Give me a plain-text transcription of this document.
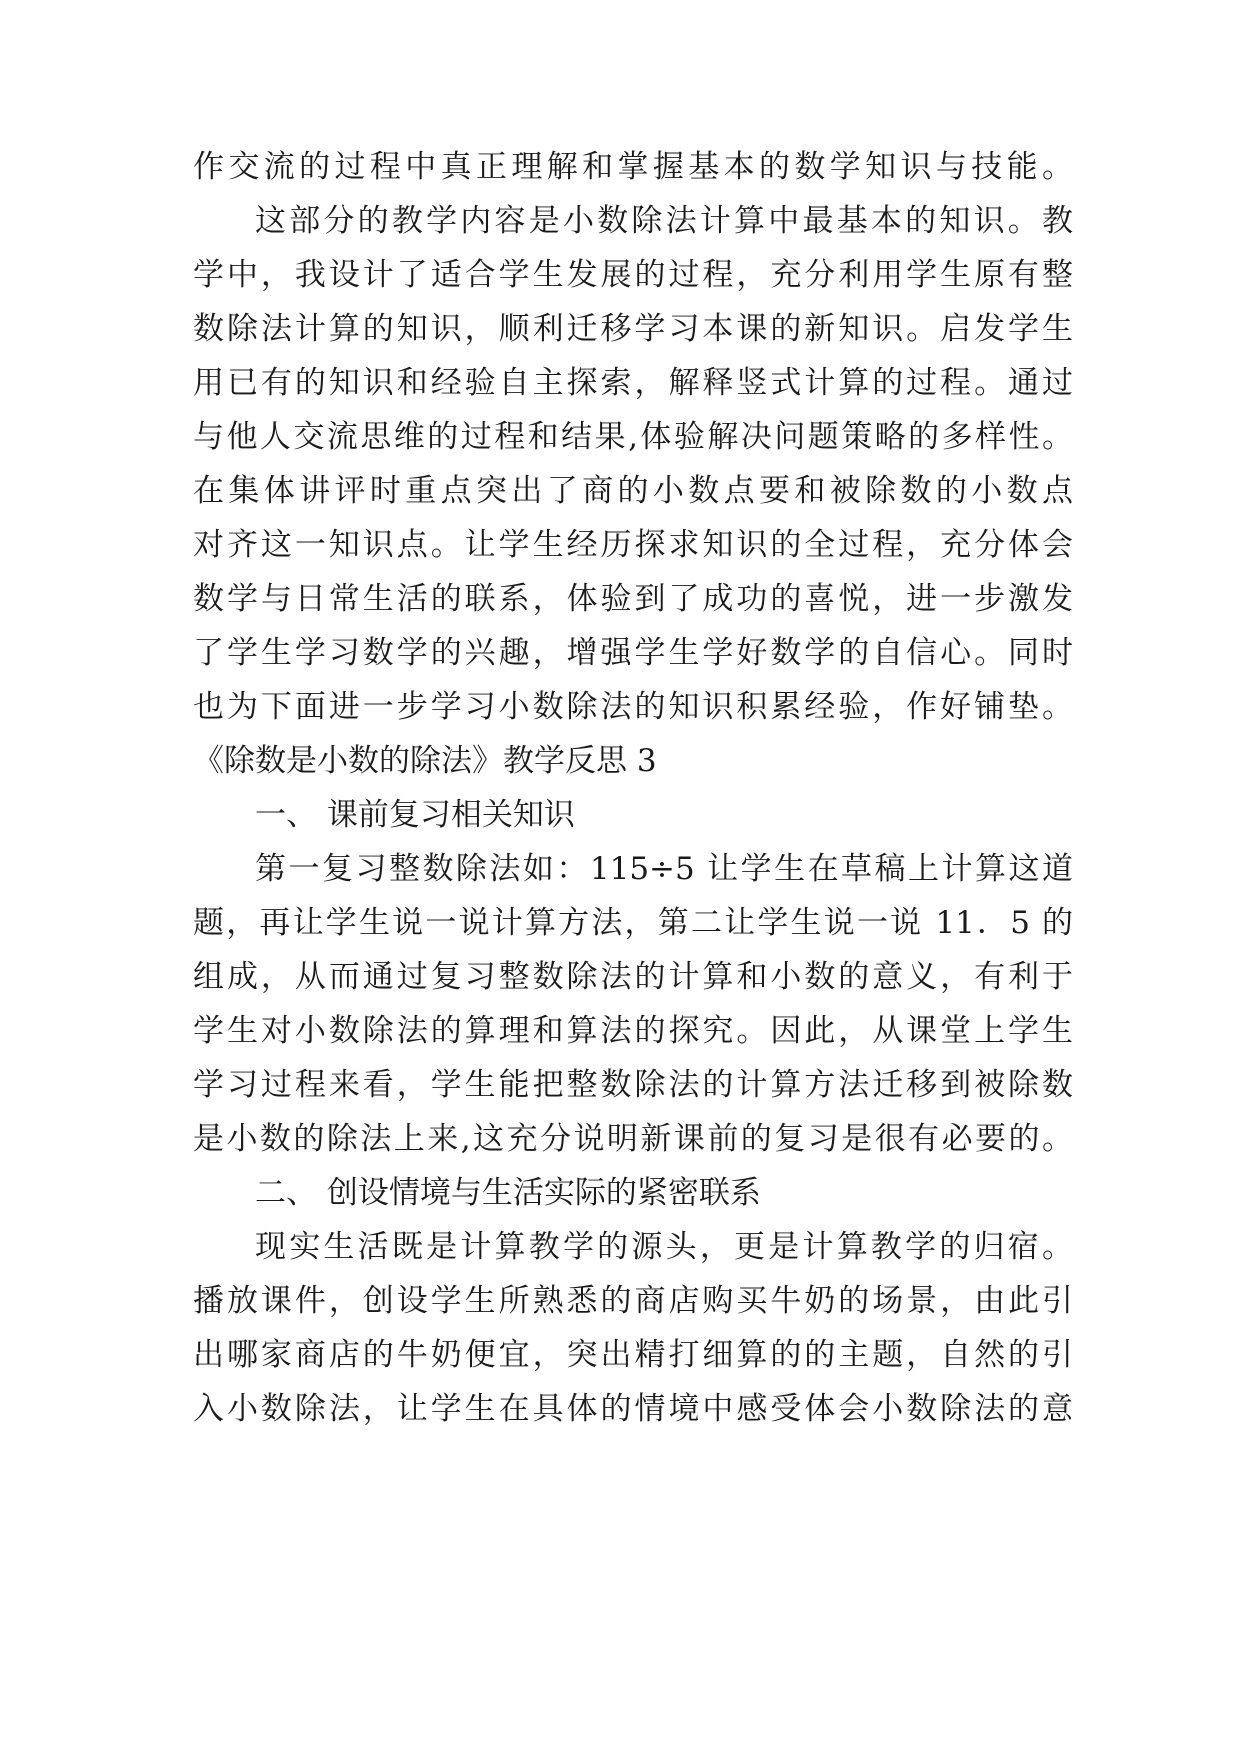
作交流的过程中真正理解和掌握基本的数学知识与技能。
这部分的教学内容是小数除法计算中最基本的知识。教
学中，我设计了适合学生发展的过程，充分利用学生原有整
数除法计算的知识，顺利迁移学习本课的新知识。启发学生
用已有的知识和经验自主探索，解释竖式计算的过程。通过
与他人交流思维的过程和结果,体验解决问题策略的多样性。
在集体讲评时重点突出了商的小数点要和被除数的小数点
对齐这一知识点。让学生经历探求知识的全过程，充分体会
数学与日常生活的联系，体验到了成功的喜悦，进一步激发
了学生学习数学的兴趣，增强学生学好数学的自信心。同时
也为下面进一步学习小数除法的知识积累经验，作好铺垫。
《除数是小数的除法》教学反思 3
一、 课前复习相关知识
第一复习整数除法如：115÷5 让学生在草稿上计算这道
题，再让学生说一说计算方法，第二让学生说一说 11．5 的
组成，从而通过复习整数除法的计算和小数的意义，有利于
学生对小数除法的算理和算法的探究。因此，从课堂上学生
学习过程来看，学生能把整数除法的计算方法迁移到被除数
是小数的除法上来,这充分说明新课前的复习是很有必要的。
二、 创设情境与生活实际的紧密联系
现实生活既是计算教学的源头，更是计算教学的归宿。
播放课件，创设学生所熟悉的商店购买牛奶的场景，由此引
出哪家商店的牛奶便宜，突出精打细算的的主题，自然的引
入小数除法，让学生在具体的情境中感受体会小数除法的意
